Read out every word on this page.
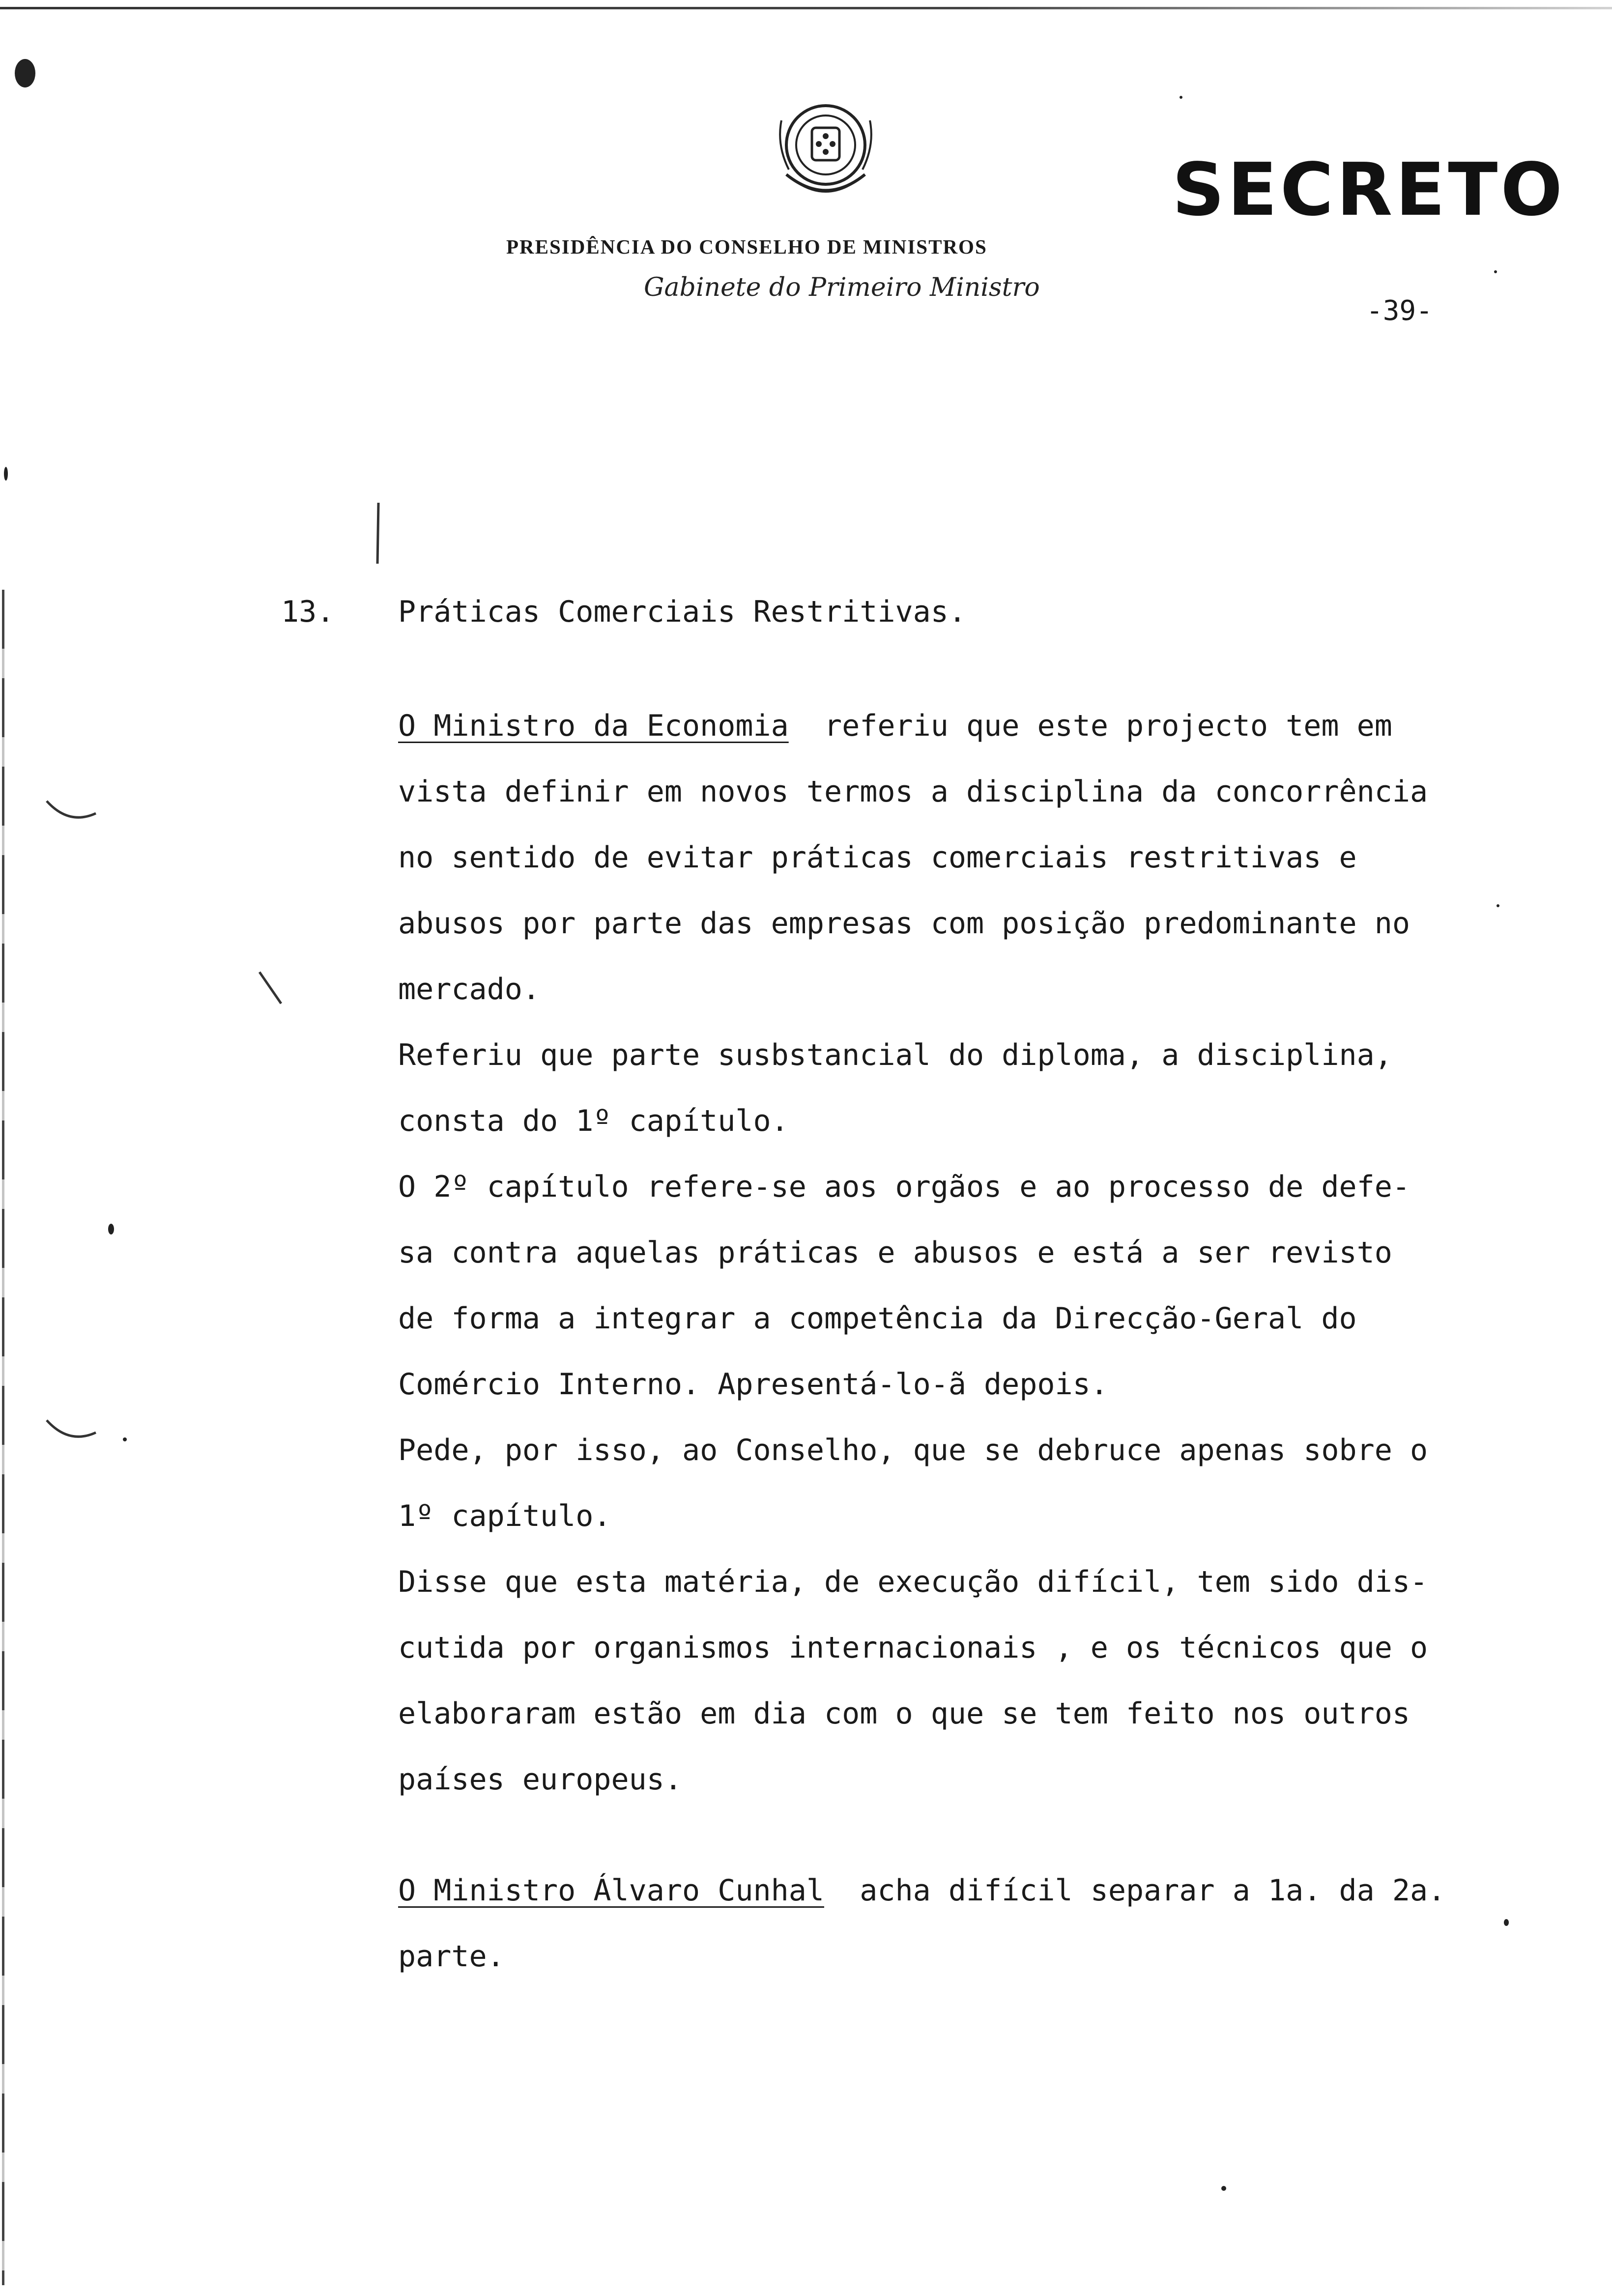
PRESIDÊNCIA DO CONSELHO DE MINISTROS
Gabinete do Primeiro Ministro
SECRETO
-39-
13. Práticas Comerciais Restritivas.
O Ministro da Economia referiu que este projecto tem em
vista definir em novos termos a disciplina da concorrência
no sentido de evitar práticas comerciais restritivas e
abusos por parte das empresas com posição predominante no
mercado.
Referiu que parte susbstancial do diploma, a disciplina,
consta do 1º capítulo.
O 2º capítulo refere-se aos orgãos e ao processo de defe-
sa contra aquelas práticas e abusos e está a ser revisto
de forma a integrar a competência da Direcção-Geral do
Comércio Interno. Apresentá-lo-ã depois.
Pede, por isso, ao Conselho, que se debruce apenas sobre o
1º capítulo.
Disse que esta matéria, de execução difícil, tem sido dis-
cutida por organismos internacionais , e os técnicos que o
elaboraram estão em dia com o que se tem feito nos outros
países europeus.
O Ministro Álvaro Cunhal acha difícil separar a 1a. da 2a.
parte.
